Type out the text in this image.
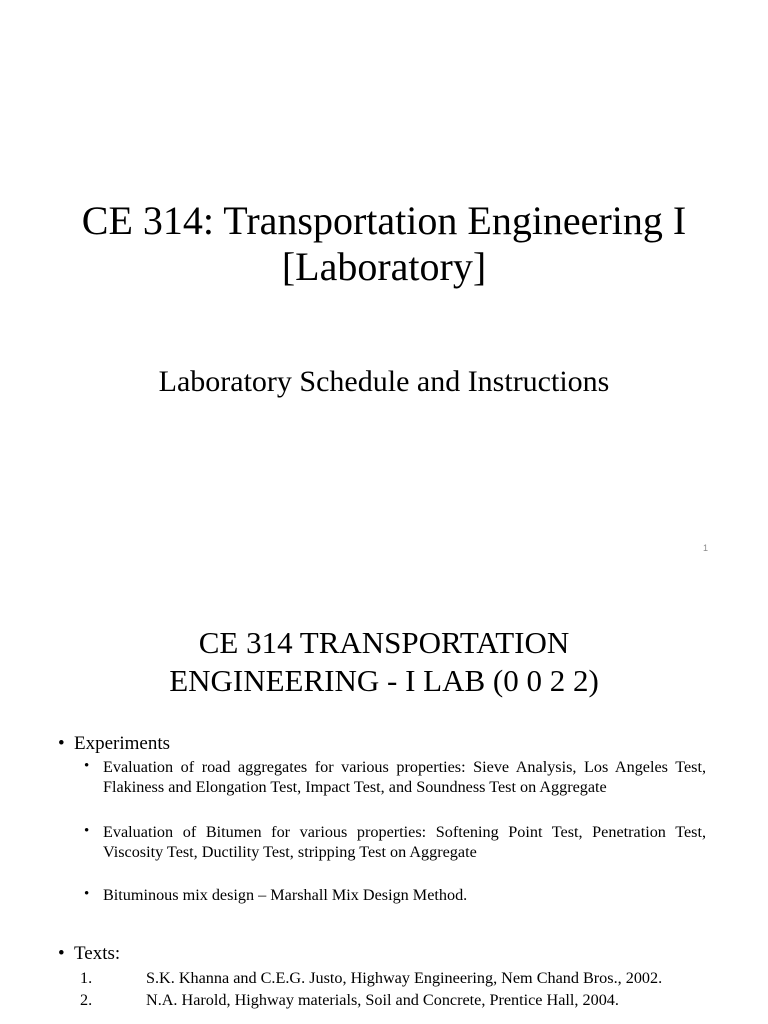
CE 314: Transportation Engineering I
[Laboratory]
Laboratory Schedule and Instructions
1
CE 314 TRANSPORTATION
ENGINEERING - I LAB (0 0 2 2)
• Experiments
• Evaluation of road aggregates for various properties: Sieve Analysis, Los Angeles Test, Flakiness and Elongation Test, Impact Test, and Soundness Test on Aggregate
• Evaluation of Bitumen for various properties: Softening Point Test, Penetration Test, Viscosity Test, Ductility Test, stripping Test on Aggregate
• Bituminous mix design – Marshall Mix Design Method.
• Texts:
1.	S.K. Khanna and C.E.G. Justo, Highway Engineering, Nem Chand Bros., 2002.
2.	N.A. Harold, Highway materials, Soil and Concrete, Prentice Hall, 2004.
